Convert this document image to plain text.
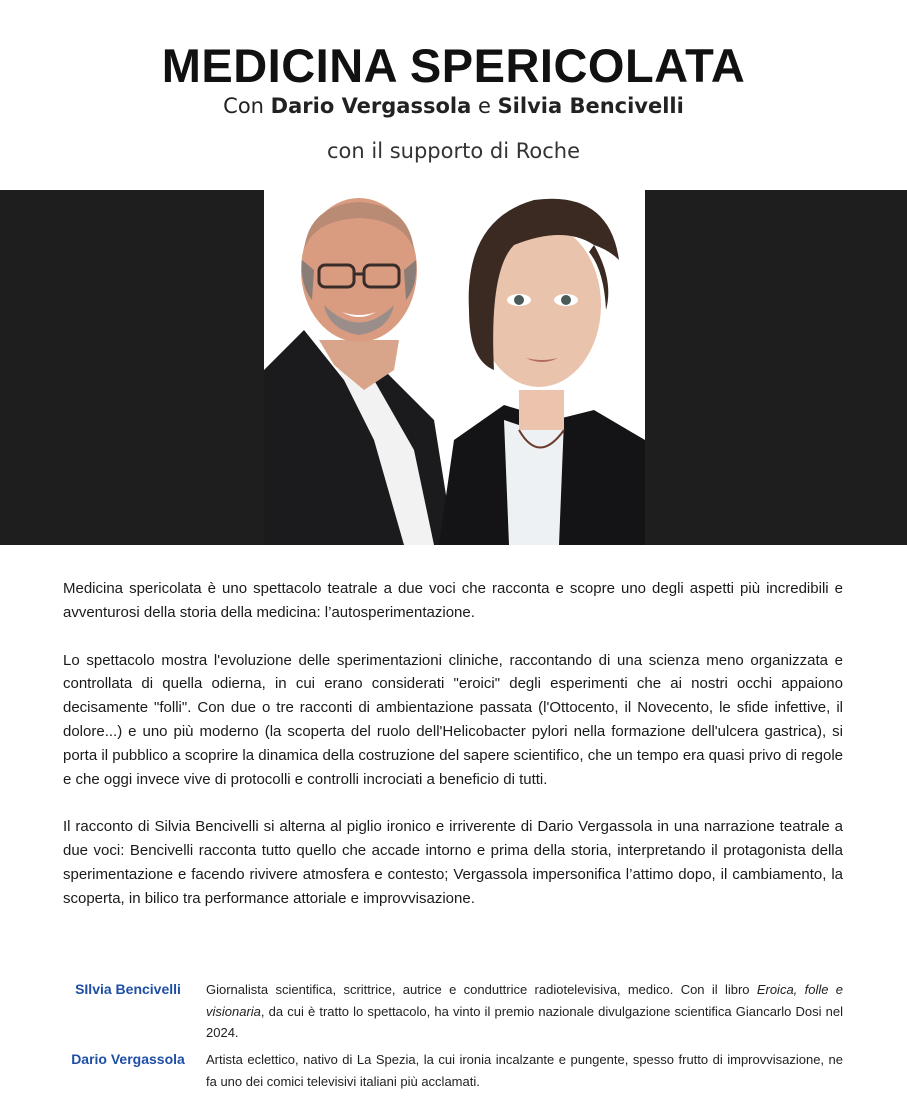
MEDICINA SPERICOLATA
Con Dario Vergassola e Silvia Bencivelli
con il supporto di Roche

Medicina spericolata è uno spettacolo teatrale a due voci che racconta e scopre uno degli aspetti più incredibili e avventurosi della storia della medicina: l’autosperimentazione.

Lo spettacolo mostra l'evoluzione delle sperimentazioni cliniche, raccontando di una scienza meno organizzata e controllata di quella odierna, in cui erano considerati "eroici" degli esperimenti che ai nostri occhi appaiono decisamente "folli". Con due o tre racconti di ambientazione passata (l'Ottocento, il Novecento, le sfide infettive, il dolore...) e uno più moderno (la scoperta del ruolo dell'Helicobacter pylori nella formazione dell'ulcera gastrica), si porta il pubblico a scoprire la dinamica della costruzione del sapere scientifico, che un tempo era quasi privo di regole e che oggi invece vive di protocolli e controlli incrociati a beneficio di tutti.

Il racconto di Silvia Bencivelli si alterna al piglio ironico e irriverente di Dario Vergassola in una narrazione teatrale a due voci: Bencivelli racconta tutto quello che accade intorno e prima della storia, interpretando il protagonista della sperimentazione e facendo rivivere atmosfera e contesto; Vergassola impersonifica l’attimo dopo, il cambiamento, la scoperta, in bilico tra performance attoriale e improvvisazione.

SIlvia Bencivelli	Giornalista scientifica, scrittrice, autrice e conduttrice radiotelevisiva, medico. Con il libro Eroica, folle e visionaria, da cui è tratto lo spettacolo, ha vinto il premio nazionale divulgazione scientifica Giancarlo Dosi nel 2024.
Dario Vergassola	Artista eclettico, nativo di La Spezia, la cui ironia incalzante e pungente, spesso frutto di improvvisazione, ne fa uno dei comici televisivi italiani più acclamati.
